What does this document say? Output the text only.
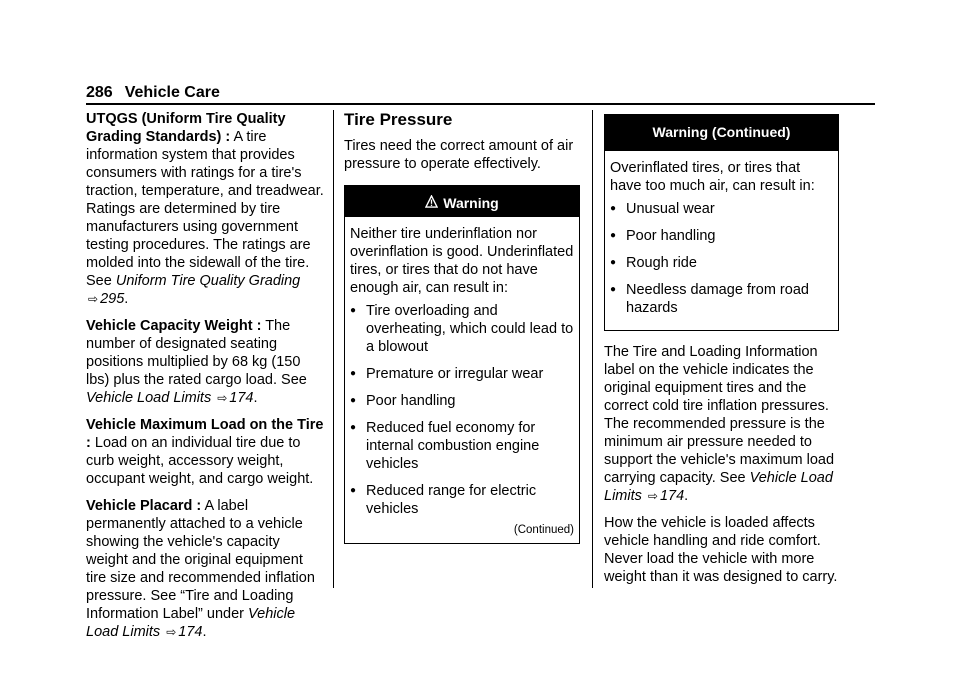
286 Vehicle Care

UTQGS (Uniform Tire Quality Grading Standards) : A tire information system that provides consumers with ratings for a tire's traction, temperature, and treadwear. Ratings are determined by tire manufacturers using government testing procedures. The ratings are molded into the sidewall of the tire. See Uniform Tire Quality Grading ⇨ 295.

Vehicle Capacity Weight : The number of designated seating positions multiplied by 68 kg (150 lbs) plus the rated cargo load. See Vehicle Load Limits ⇨ 174.

Vehicle Maximum Load on the Tire : Load on an individual tire due to curb weight, accessory weight, occupant weight, and cargo weight.

Vehicle Placard : A label permanently attached to a vehicle showing the vehicle's capacity weight and the original equipment tire size and recommended inflation pressure. See “Tire and Loading Information Label” under Vehicle Load Limits ⇨ 174.

Tire Pressure

Tires need the correct amount of air pressure to operate effectively.

Warning
Neither tire underinflation nor overinflation is good. Underinflated tires, or tires that do not have enough air, can result in:
● Tire overloading and overheating, which could lead to a blowout
● Premature or irregular wear
● Poor handling
● Reduced fuel economy for internal combustion engine vehicles
● Reduced range for electric vehicles
(Continued)
Warning (Continued)
Overinflated tires, or tires that have too much air, can result in:
● Unusual wear
● Poor handling
● Rough ride
● Needless damage from road hazards

The Tire and Loading Information label on the vehicle indicates the original equipment tires and the correct cold tire inflation pressures. The recommended pressure is the minimum air pressure needed to support the vehicle's maximum load carrying capacity. See Vehicle Load Limits ⇨ 174.

How the vehicle is loaded affects vehicle handling and ride comfort. Never load the vehicle with more weight than it was designed to carry.
